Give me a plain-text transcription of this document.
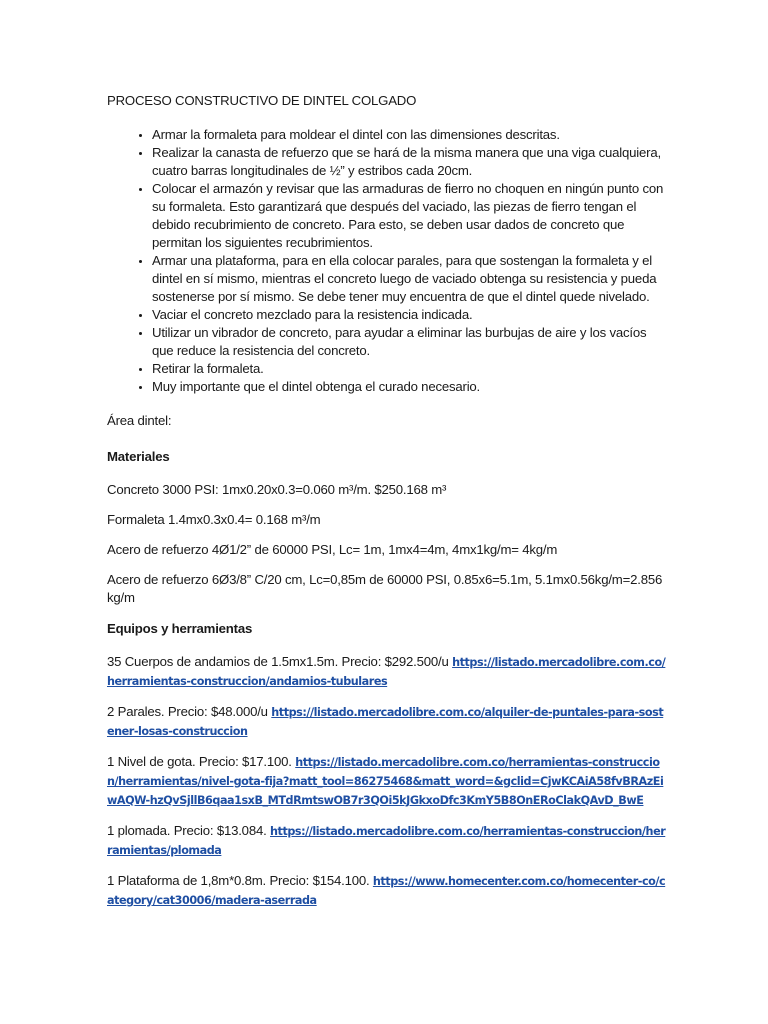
PROCESO CONSTRUCTIVO DE DINTEL COLGADO
• Armar la formaleta para moldear el dintel con las dimensiones descritas.
• Realizar la canasta de refuerzo que se hará de la misma manera que una viga cualquiera, cuatro barras longitudinales de ½” y estribos cada 20cm.
• Colocar el armazón y revisar que las armaduras de fierro no choquen en ningún punto con su formaleta. Esto garantizará que después del vaciado, las piezas de fierro tengan el debido recubrimiento de concreto. Para esto, se deben usar dados de concreto que permitan los siguientes recubrimientos.
• Armar una plataforma, para en ella colocar parales, para que sostengan la formaleta y el dintel en sí mismo, mientras el concreto luego de vaciado obtenga su resistencia y pueda sostenerse por sí mismo. Se debe tener muy encuentra de que el dintel quede nivelado.
• Vaciar el concreto mezclado para la resistencia indicada.
• Utilizar un vibrador de concreto, para ayudar a eliminar las burbujas de aire y los vacíos que reduce la resistencia del concreto.
• Retirar la formaleta.
• Muy importante que el dintel obtenga el curado necesario.

Área dintel:

Materiales

Concreto 3000 PSI: 1mx0.20x0.3=0.060 m³/m. $250.168 m³

Formaleta 1.4mx0.3x0.4= 0.168 m³/m

Acero de refuerzo 4Ø1/2” de 60000 PSI, Lc= 1m, 1mx4=4m, 4mx1kg/m= 4kg/m

Acero de refuerzo 6Ø3/8” C/20 cm, Lc=0,85m de 60000 PSI, 0.85x6=5.1m, 5.1mx0.56kg/m=2.856 kg/m

Equipos y herramientas

35 Cuerpos de andamios de 1.5mx1.5m. Precio: $292.500/u https://listado.mercadolibre.com.co/herramientas-construccion/andamios-tubulares

2 Parales. Precio: $48.000/u https://listado.mercadolibre.com.co/alquiler-de-puntales-para-sostener-losas-construccion

1 Nivel de gota. Precio: $17.100. https://listado.mercadolibre.com.co/herramientas-construccion/herramientas/nivel-gota-fija?matt_tool=86275468&matt_word=&gclid=CjwKCAiA58fvBRAzEiwAQW-hzQvSjllB6qaa1sxB_MTdRmtswOB7r3QOi5kJGkxoDfc3KmY5B8OnERoClakQAvD_BwE

1 plomada. Precio: $13.084. https://listado.mercadolibre.com.co/herramientas-construccion/herramientas/plomada

1 Plataforma de 1,8m*0.8m. Precio: $154.100. https://www.homecenter.com.co/homecenter-co/category/cat30006/madera-aserrada
